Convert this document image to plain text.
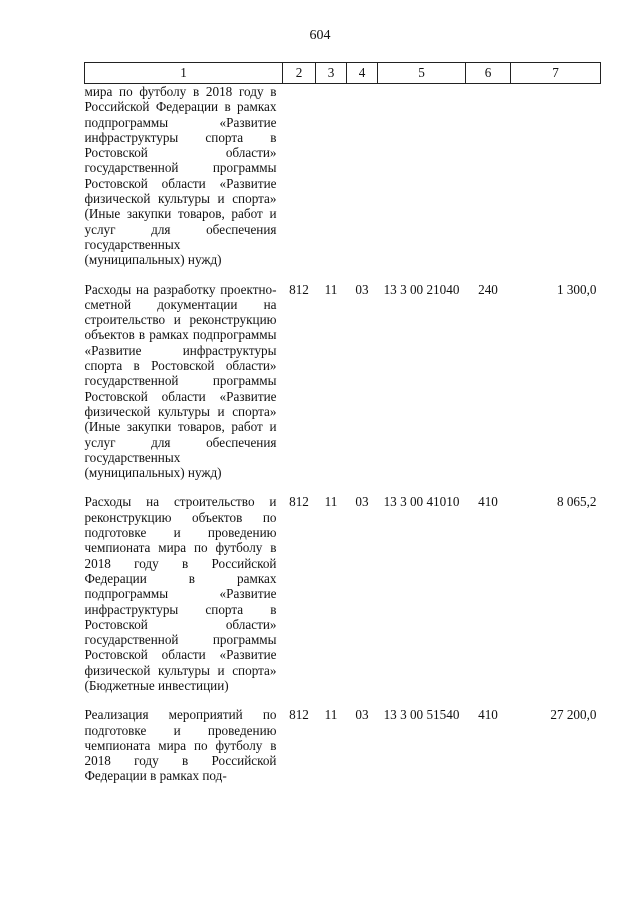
604
1	2	3	4	5	6	7
мира по футболу в 2018 году в Российской Федерации в рамках подпрограммы «Развитие инфраструктуры спорта в Ростовской области» государственной программы Ростовской области «Развитие физической культуры и спорта» (Иные закупки товаров, работ и услуг для обеспечения государственных (муниципальных) нужд)						
Расходы на разработку проектно-сметной документации на строительство и реконструкцию объектов в рамках подпрограммы «Развитие инфраструктуры спорта в Ростовской области» государственной программы Ростовской области «Развитие физической культуры и спорта» (Иные закупки товаров, работ и услуг для обеспечения государственных (муниципальных) нужд)	812	11	03	13 3 00 21040	240	1 300,0
Расходы на строительство и реконструкцию объектов по подготовке и проведению чемпионата мира по футболу в 2018 году в Российской Федерации в рамках подпрограммы «Развитие инфраструктуры спорта в Ростовской области» государственной программы Ростовской области «Развитие физической культуры и спорта» (Бюджетные инвестиции)	812	11	03	13 3 00 41010	410	8 065,2
Реализация мероприятий по подготовке и проведению чемпионата мира по футболу в 2018 году в Российской Федерации в рамках под-	812	11	03	13 3 00 51540	410	27 200,0
